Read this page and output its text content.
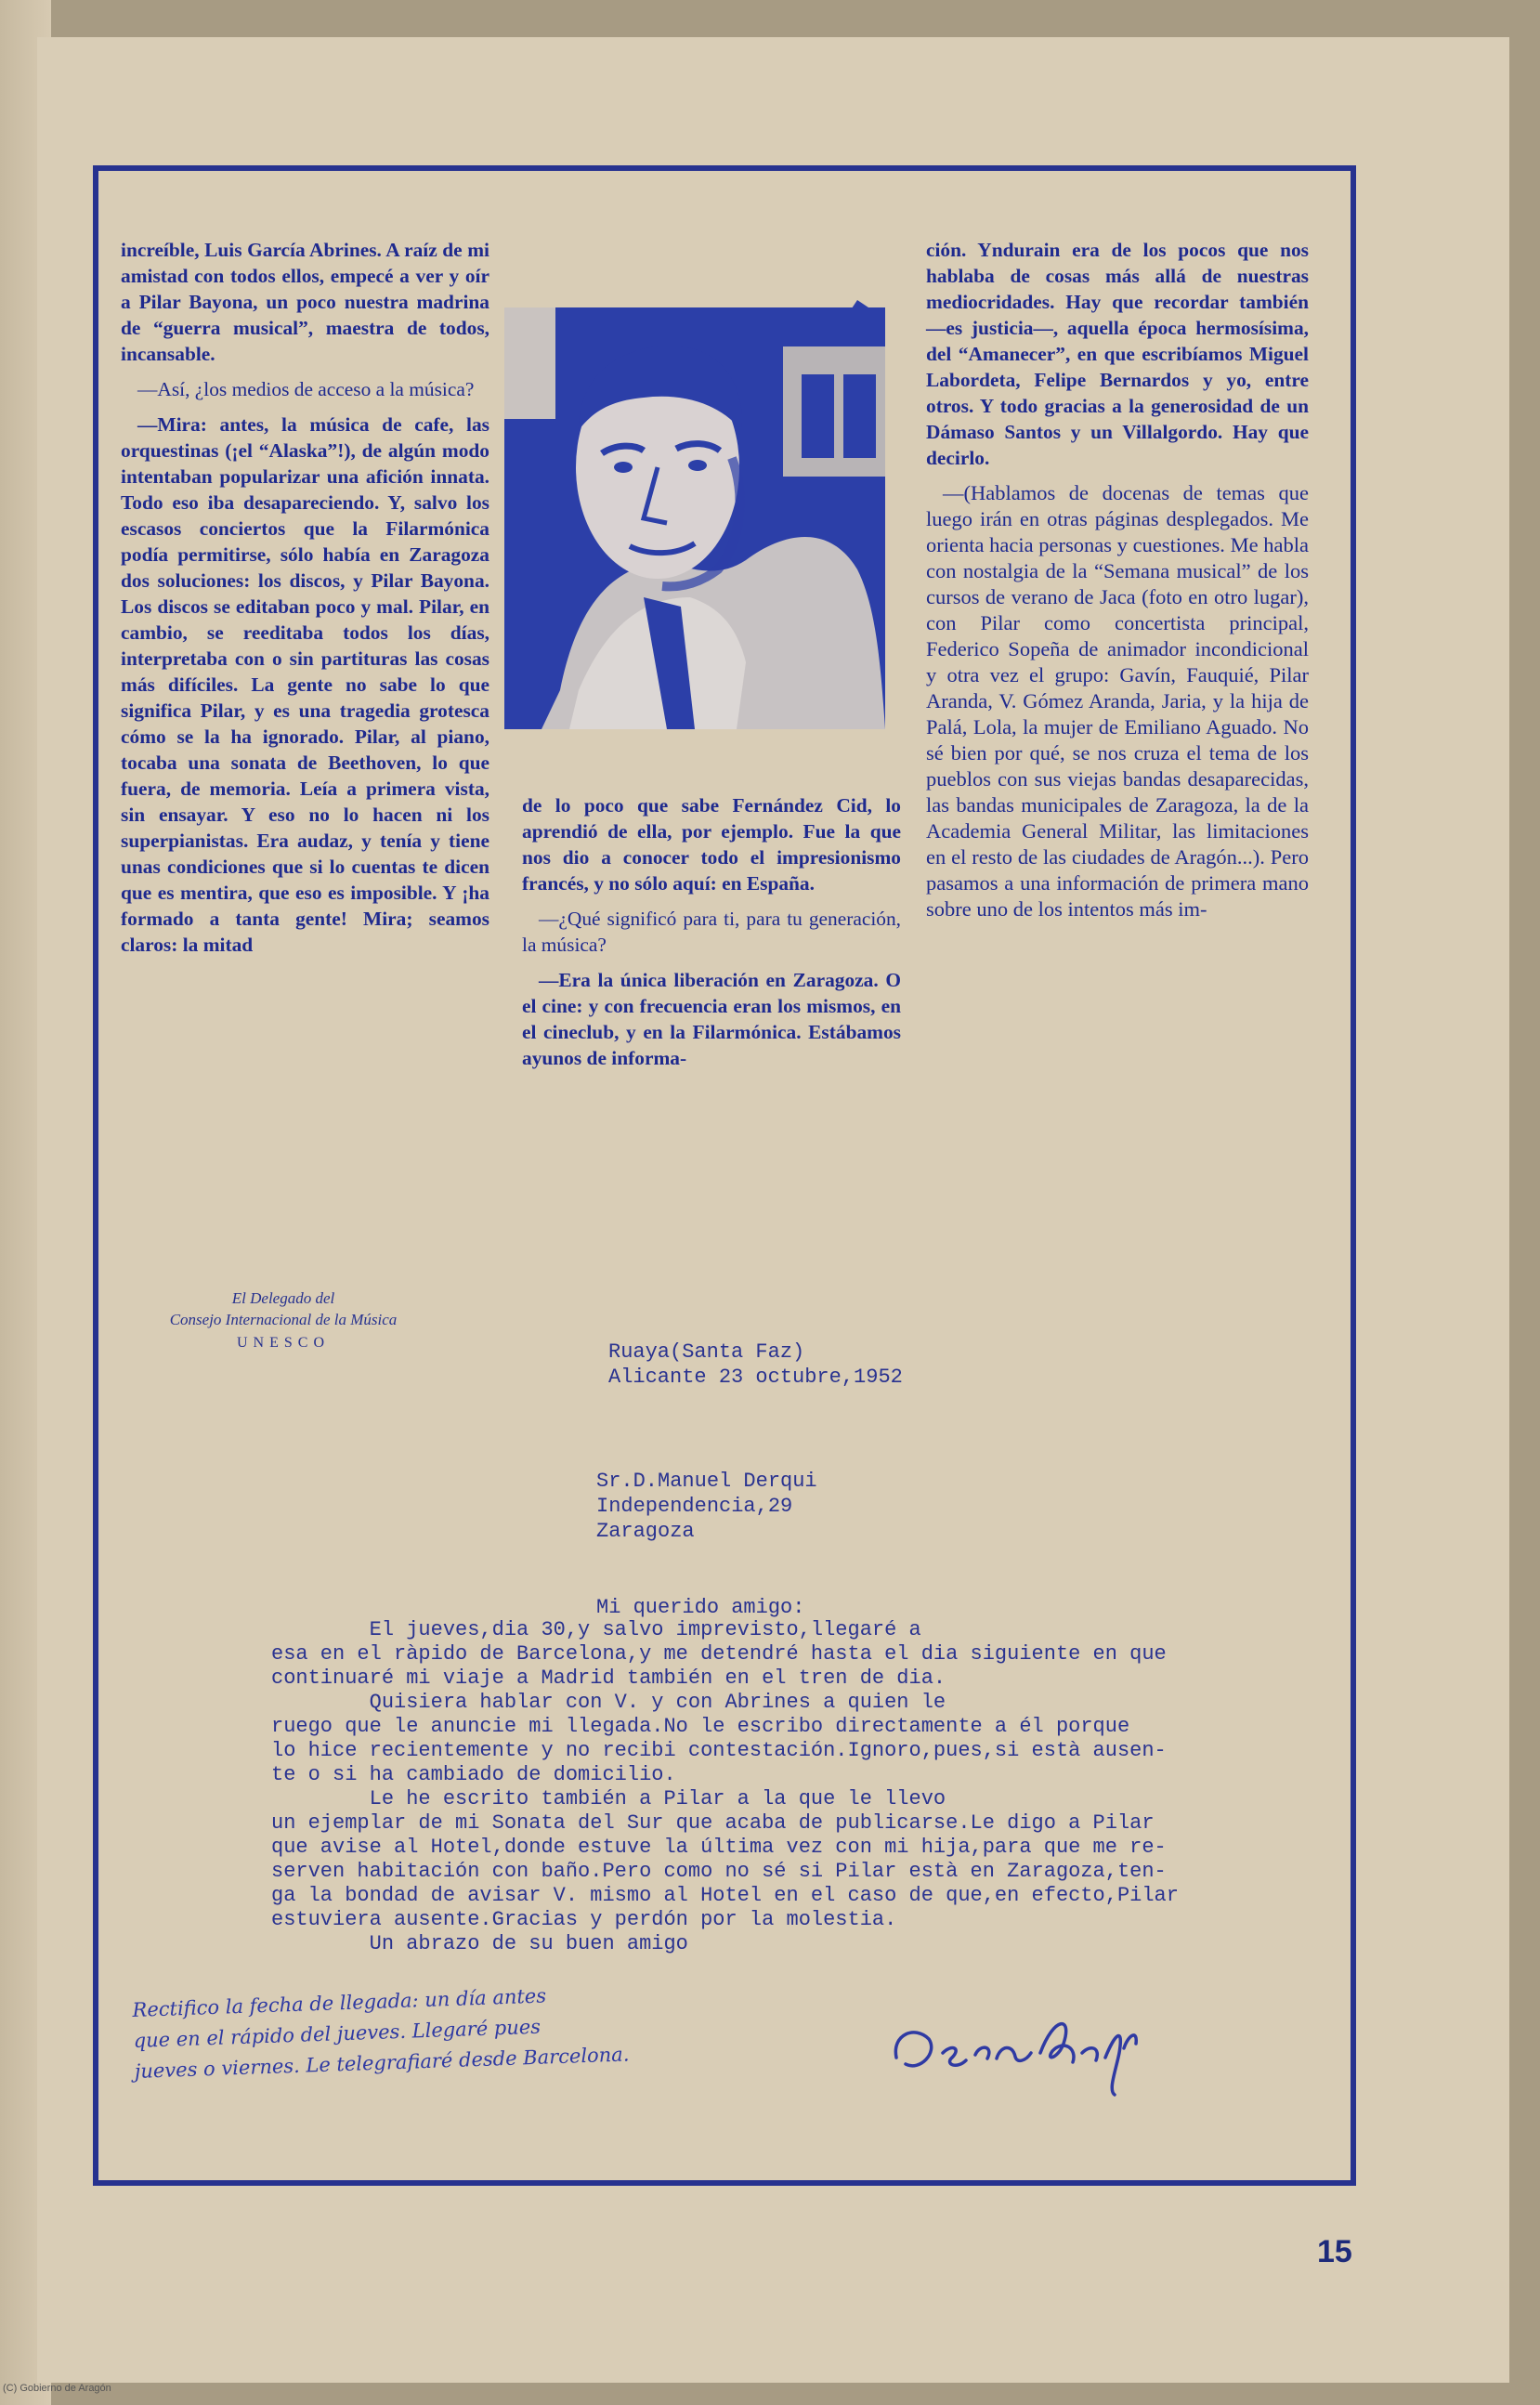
increíble, Luis García Abrines. A raíz de mi amistad con todos ellos, empecé a ver y oír a Pilar Bayona, un poco nuestra madrina de “guerra musical”, maestra de todos, incansable.

—Así, ¿los medios de acceso a la música?

—Mira: antes, la música de cafe, las orquestinas (¡el “Alaska”!), de algún modo intentaban popularizar una afición innata. Todo eso iba desapareciendo. Y, salvo los escasos conciertos que la Filarmónica podía permitirse, sólo había en Zaragoza dos soluciones: los discos, y Pilar Bayona. Los discos se editaban poco y mal. Pilar, en cambio, se reeditaba todos los días, interpretaba con o sin partituras las cosas más difíciles. La gente no sabe lo que significa Pilar, y es una tragedia grotesca cómo se la ha ignorado. Pilar, al piano, tocaba una sonata de Beethoven, lo que fuera, de memoria. Leía a primera vista, sin ensayar. Y eso no lo hacen ni los superpianistas. Era audaz, y tenía y tiene unas condiciones que si lo cuentas te dicen que es mentira, que eso es imposible. Y ¡ha formado a tanta gente! Mira; seamos claros: la mitad

de lo poco que sabe Fernández Cid, lo aprendió de ella, por ejemplo. Fue la que nos dio a conocer todo el impresionismo francés, y no sólo aquí: en España.

—¿Qué significó para ti, para tu generación, la música?

—Era la única liberación en Zaragoza. O el cine: y con frecuencia eran los mismos, en el cineclub, y en la Filarmónica. Estábamos ayunos de informa-

ción. Yndurain era de los pocos que nos hablaba de cosas más allá de nuestras mediocridades. Hay que recordar también —es justicia—, aquella época hermosísima, del “Amanecer”, en que escribíamos Miguel Labordeta, Felipe Bernardos y yo, entre otros. Y todo gracias a la generosidad de un Dámaso Santos y un Villalgordo. Hay que decirlo.

—(Hablamos de docenas de temas que luego irán en otras páginas desplegados. Me orienta hacia personas y cuestiones. Me habla con nostalgia de la “Semana musical” de los cursos de verano de Jaca (foto en otro lugar), con Pilar como concertista principal, Federico Sopeña de animador incondicional y otra vez el grupo: Gavín, Fauquié, Pilar Aranda, V. Gómez Aranda, Jaria, y la hija de Palá, Lola, la mujer de Emiliano Aguado. No sé bien por qué, se nos cruza el tema de los pueblos con sus viejas bandas desaparecidas, las bandas municipales de Zaragoza, la de la Academia General Militar, las limitaciones en el resto de las ciudades de Aragón...). Pero pasamos a una información de primera mano sobre uno de los intentos más im-

El Delegado del
Consejo Internacional de la Música
UNESCO	Ruaya(Santa Faz)
Alicante 23 octubre,1952
Sr.D.Manuel Derqui
Independencia,29
Zaragoza
Mi querido amigo:
El jueves,dia 30,y salvo imprevisto,llegaré a
esa en el ràpido de Barcelona,y me detendré hasta el dia siguiente en que
continuaré mi viaje a Madrid también en el tren de dia.
Quisiera hablar con V. y con Abrines a quien le
ruego que le anuncie mi llegada.No le escribo directamente a él porque
lo hice recientemente y no recibi contestación.Ignoro,pues,si està ausen-
te o si ha cambiado de domicilio.
Le he escrito también a Pilar a la que le llevo
un ejemplar de mi Sonata del Sur que acaba de publicarse.Le digo a Pilar
que avise al Hotel,donde estuve la última vez con mi hija,para que me re-
serven habitación con baño.Pero como no sé si Pilar està en Zaragoza,ten-
ga la bondad de avisar V. mismo al Hotel en el caso de que,en efecto,Pilar
estuviera ausente.Gracias y perdón por la molestia.
Un abrazo de su buen amigo
Rectifico la fecha de llegada: un día antes
que en el rápido del jueves. Llegaré pues
jueves o viernes. Le telegrafiaré desde Barcelona.
15
(C) Gobierno de Aragón
